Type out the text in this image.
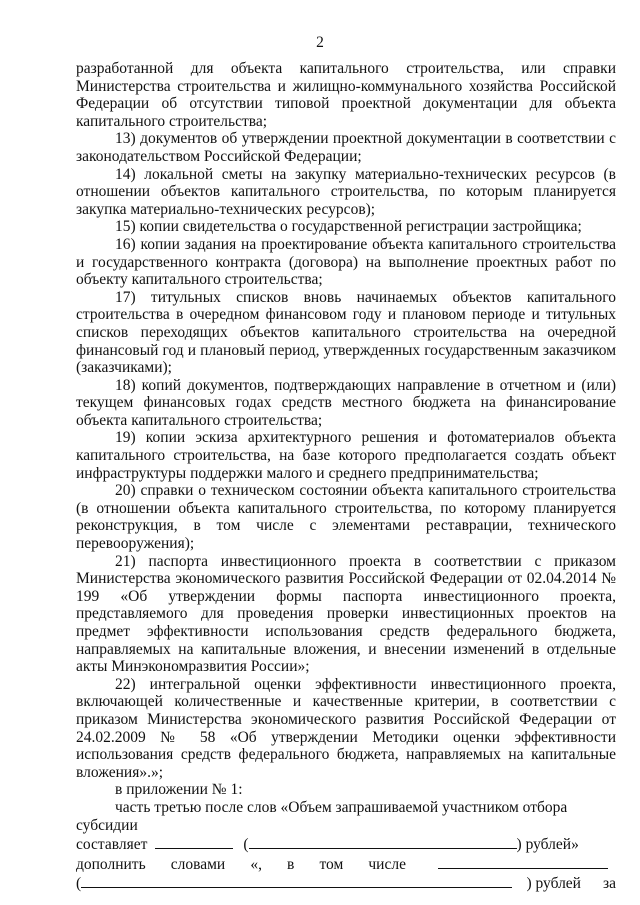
2

разработанной для объекта капитального строительства, или справки Министерства строительства и жилищно-коммунального хозяйства Российской Федерации об отсутствии типовой проектной документации для объекта капитального строительства;

13) документов об утверждении проектной документации в соответствии с законодательством Российской Федерации;

14) локальной сметы на закупку материально-технических ресурсов (в отношении объектов капитального строительства, по которым планируется закупка материально-технических ресурсов);

15) копии свидетельства о государственной регистрации застройщика;

16) копии задания на проектирование объекта капитального строительства и государственного контракта (договора) на выполнение проектных работ по объекту капитального строительства;

17) титульных списков вновь начинаемых объектов капитального строительства в очередном финансовом году и плановом периоде и титульных списков переходящих объектов капитального строительства на очередной финансовый год и плановый период, утвержденных государственным заказчиком (заказчиками);

18) копий документов, подтверждающих направление в отчетном и (или) текущем финансовых годах средств местного бюджета на финансирование объекта капитального строительства;

19) копии эскиза архитектурного решения и фотоматериалов объекта капитального строительства, на базе которого предполагается создать объект инфраструктуры поддержки малого и среднего предпринимательства;

20) справки о техническом состоянии объекта капитального строительства (в отношении объекта капитального строительства, по которому планируется реконструкция, в том числе с элементами реставрации, технического перевооружения);

21) паспорта инвестиционного проекта в соответствии с приказом Министерства экономического развития Российской Федерации от 02.04.2014 № 199 «Об утверждении формы паспорта инвестиционного проекта, представляемого для проведения проверки инвестиционных проектов на предмет эффективности использования средств федерального бюджета, направляемых на капитальные вложения, и внесении изменений в отдельные акты Минэкономразвития России»;

22) интегральной оценки эффективности инвестиционного проекта, включающей количественные и качественные критерии, в соответствии с приказом Министерства экономического развития Российской Федерации от 24.02.2009 № 58 «Об утверждении Методики оценки эффективности использования средств федерального бюджета, направляемых на капитальные вложения».»;

в приложении № 1:

часть третью после слов «Объем запрашиваемой участником отбора субсидии

составляет	(	) рублей»
дополнить словами «, в том числе
(	) рублей за
